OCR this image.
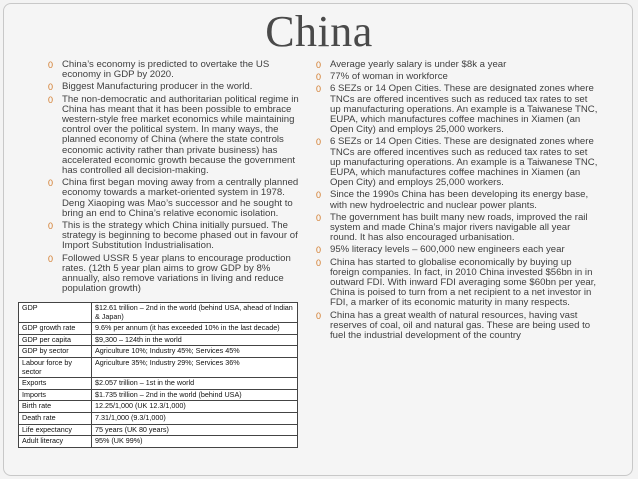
China
0 China’s economy is predicted to overtake the US economy in GDP by 2020.
0 Biggest Manufacturing producer in the world.
0 The non-democratic and authoritarian political regime in China has meant that it has been possible to embrace western-style free market economics while maintaining control over the political system. In many ways, the planned economy of China (where the state controls economic activity rather than private business) has accelerated economic growth because the government has controlled all decision-making.
0 China first began moving away from a centrally planned economy towards a market-oriented system in 1978. Deng Xiaoping was Mao’s successor and he sought to bring an end to China’s relative economic isolation.
0 This is the strategy which China initially pursued. The strategy is beginning to become phased out in favour of Import Substitution Industrialisation.
0 Followed USSR 5 year plans to encourage production rates. (12th 5 year plan aims to grow GDP by 8% annually, also remove variations in living and reduce population growth)
0 Average yearly salary is under $8k a year
0 77% of woman in workforce
0 6 SEZs or 14 Open Cities. These are designated zones where TNCs are offered incentives such as reduced tax rates to set up manufacturing operations. An example is a Taiwanese TNC, EUPA, which manufactures coffee machines in Xiamen (an Open City) and employs 25,000 workers.
0 6 SEZs or 14 Open Cities. These are designated zones where TNCs are offered incentives such as reduced tax rates to set up manufacturing operations. An example is a Taiwanese TNC, EUPA, which manufactures coffee machines in Xiamen (an Open City) and employs 25,000 workers.
0 Since the 1990s China has been developing its energy base, with new hydroelectric and nuclear power plants.
0 The government has built many new roads, improved the rail system and made China’s major rivers navigable all year round. It has also encouraged urbanisation.
0 95% literacy levels – 600,000 new engineers each year
0 China has started to globalise economically by buying up foreign companies. In fact, in 2010 China invested $56bn in in outward FDI. With inward FDI averaging some $60bn per year, China is poised to turn from a net recipient to a net investor in FDI, a marker of its economic maturity in many respects.
0 China has a great wealth of natural resources, having vast reserves of coal, oil and natural gas. These are being used to fuel the industrial development of the country
GDP	$12.61 trillion – 2nd in the world (behind USA, ahead of Indian & Japan)
GDP growth rate	9.6% per annum (it has exceeded 10% in the last decade)
GDP per capita	$9,300 – 124th in the world
GDP by sector	Agriculture 10%; Industry 45%; Services 45%
Labour force by sector	Agriculture 35%; Industry 29%; Services 36%
Exports	$2.057 trillion – 1st in the world
Imports	$1.735 trillion – 2nd in the world (behind USA)
Birth rate	12.25/1,000 (UK 12.3/1,000)
Death rate	7.31/1,000 (9.3/1,000)
Life expectancy	75 years (UK 80 years)
Adult literacy	95% (UK 99%)
